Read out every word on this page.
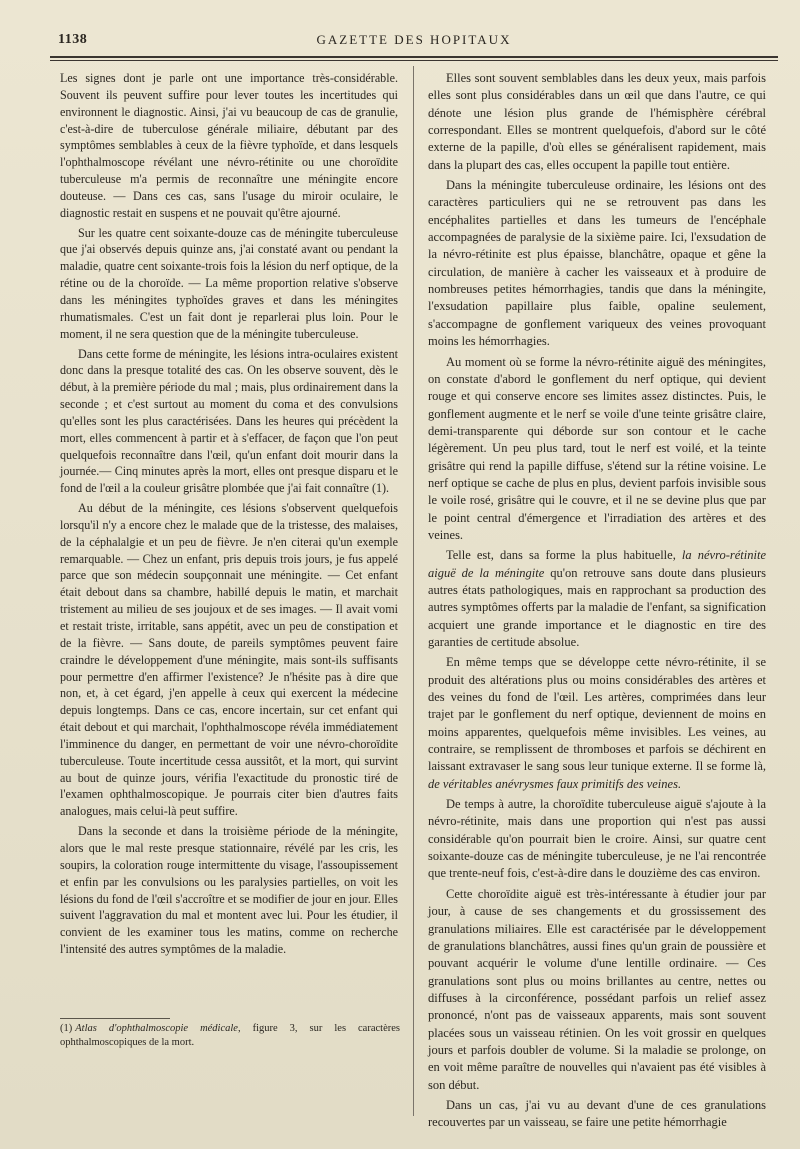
1138	GAZETTE DES HOPITAUX

Les signes dont je parle ont une importance très-considérable. Souvent ils peuvent suffire pour lever toutes les incertitudes qui environnent le diagnostic. Ainsi, j'ai vu beaucoup de cas de granulie, c'est-à-dire de tuberculose générale miliaire, débutant par des symptômes semblables à ceux de la fièvre typhoïde, et dans lesquels l'ophthalmoscope révélant une névro-rétinite ou une choroïdite tuberculeuse m'a permis de reconnaître une méningite encore douteuse. — Dans ces cas, sans l'usage du miroir oculaire, le diagnostic restait en suspens et ne pouvait qu'être ajourné.

Sur les quatre cent soixante-douze cas de méningite tuberculeuse que j'ai observés depuis quinze ans, j'ai constaté avant ou pendant la maladie, quatre cent soixante-trois fois la lésion du nerf optique, de la rétine ou de la choroïde. — La même proportion relative s'observe dans les méningites typhoïdes graves et dans les méningites rhumatismales. C'est un fait dont je reparlerai plus loin. Pour le moment, il ne sera question que de la méningite tuberculeuse.

Dans cette forme de méningite, les lésions intra-oculaires existent donc dans la presque totalité des cas. On les observe souvent, dès le début, à la première période du mal ; mais, plus ordinairement dans la seconde ; et c'est surtout au moment du coma et des convulsions qu'elles sont les plus caractérisées. Dans les heures qui précèdent la mort, elles commencent à partir et à s'effacer, de façon que l'on peut quelquefois reconnaître dans l'œil, qu'un enfant doit mourir dans la journée.— Cinq minutes après la mort, elles ont presque disparu et le fond de l'œil a la couleur grisâtre plombée que j'ai fait connaître (1).

Au début de la méningite, ces lésions s'observent quelquefois lorsqu'il n'y a encore chez le malade que de la tristesse, des malaises, de la céphalalgie et un peu de fièvre. Je n'en citerai qu'un exemple remarquable. — Chez un enfant, pris depuis trois jours, je fus appelé parce que son médecin soupçonnait une méningite. — Cet enfant était debout dans sa chambre, habillé depuis le matin, et marchait tristement au milieu de ses joujoux et de ses images. — Il avait vomi et restait triste, irritable, sans appétit, avec un peu de constipation et de la fièvre. — Sans doute, de pareils symptômes peuvent faire craindre le développement d'une méningite, mais sont-ils suffisants pour permettre d'en affirmer l'existence? Je n'hésite pas à dire que non, et, à cet égard, j'en appelle à ceux qui exercent la médecine depuis longtemps. Dans ce cas, encore incertain, sur cet enfant qui était debout et qui marchait, l'ophthalmoscope révéla immédiatement l'imminence du danger, en permettant de voir une névro-choroïdite tuberculeuse. Toute incertitude cessa aussitôt, et la mort, qui survint au bout de quinze jours, vérifia l'exactitude du pronostic tiré de l'examen ophthalmoscopique. Je pourrais citer bien d'autres faits analogues, mais celui-là peut suffire.

Dans la seconde et dans la troisième période de la méningite, alors que le mal reste presque stationnaire, révélé par les cris, les soupirs, la coloration rouge intermittente du visage, l'assoupissement et enfin par les convulsions ou les paralysies partielles, on voit les lésions du fond de l'œil s'accroître et se modifier de jour en jour. Elles suivent l'aggravation du mal et montent avec lui. Pour les étudier, il convient de les examiner tous les matins, comme on recherche l'intensité des autres symptômes de la maladie.

(1) Atlas d'ophthalmoscopie médicale, figure 3, sur les caractères ophthalmoscopiques de la mort.

Elles sont souvent semblables dans les deux yeux, mais parfois elles sont plus considérables dans un œil que dans l'autre, ce qui dénote une lésion plus grande de l'hémisphère cérébral correspondant. Elles se montrent quelquefois, d'abord sur le côté externe de la papille, d'où elles se généralisent rapidement, mais dans la plupart des cas, elles occupent la papille tout entière.

Dans la méningite tuberculeuse ordinaire, les lésions ont des caractères particuliers qui ne se retrouvent pas dans les encéphalites partielles et dans les tumeurs de l'encéphale accompagnées de paralysie de la sixième paire. Ici, l'exsudation de la névro-rétinite est plus épaisse, blanchâtre, opaque et gêne la circulation, de manière à cacher les vaisseaux et à produire de nombreuses petites hémorrhagies, tandis que dans la méningite, l'exsudation papillaire plus faible, opaline seulement, s'accompagne de gonflement variqueux des veines provoquant moins les hémorrhagies.

Au moment où se forme la névro-rétinite aiguë des méningites, on constate d'abord le gonflement du nerf optique, qui devient rouge et qui conserve encore ses limites assez distinctes. Puis, le gonflement augmente et le nerf se voile d'une teinte grisâtre claire, demi-transparente qui déborde sur son contour et le cache légèrement. Un peu plus tard, tout le nerf est voilé, et la teinte grisâtre qui rend la papille diffuse, s'étend sur la rétine voisine. Le nerf optique se cache de plus en plus, devient parfois invisible sous le voile rosé, grisâtre qui le couvre, et il ne se devine plus que par le point central d'émergence et l'irradiation des artères et des veines.

Telle est, dans sa forme la plus habituelle, la névro-rétinite aiguë de la méningite qu'on retrouve sans doute dans plusieurs autres états pathologiques, mais en rapprochant sa production des autres symptômes offerts par la maladie de l'enfant, sa signification acquiert une grande importance et le diagnostic en tire des garanties de certitude absolue.

En même temps que se développe cette névro-rétinite, il se produit des altérations plus ou moins considérables des artères et des veines du fond de l'œil. Les artères, comprimées dans leur trajet par le gonflement du nerf optique, deviennent de moins en moins apparentes, quelquefois même invisibles. Les veines, au contraire, se remplissent de thromboses et parfois se déchirent en laissant extravaser le sang sous leur tunique externe. Il se forme là, de véritables anévrysmes faux primitifs des veines.

De temps à autre, la choroïdite tuberculeuse aiguë s'ajoute à la névro-rétinite, mais dans une proportion qui n'est pas aussi considérable qu'on pourrait bien le croire. Ainsi, sur quatre cent soixante-douze cas de méningite tuberculeuse, je ne l'ai rencontrée que trente-neuf fois, c'est-à-dire dans le douzième des cas environ.

Cette choroïdite aiguë est très-intéressante à étudier jour par jour, à cause de ses changements et du grossissement des granulations miliaires. Elle est caractérisée par le développement de granulations blanchâtres, aussi fines qu'un grain de poussière et pouvant acquérir le volume d'une lentille ordinaire. — Ces granulations sont plus ou moins brillantes au centre, nettes ou diffuses à la circonférence, possédant parfois un relief assez prononcé, n'ont pas de vaisseaux apparents, mais sont souvent placées sous un vaisseau rétinien. On les voit grossir en quelques jours et parfois doubler de volume. Si la maladie se prolonge, on en voit même paraître de nouvelles qui n'avaient pas été visibles à son début.

Dans un cas, j'ai vu au devant d'une de ces granulations recouvertes par un vaisseau, se faire une petite hémorrhagie
